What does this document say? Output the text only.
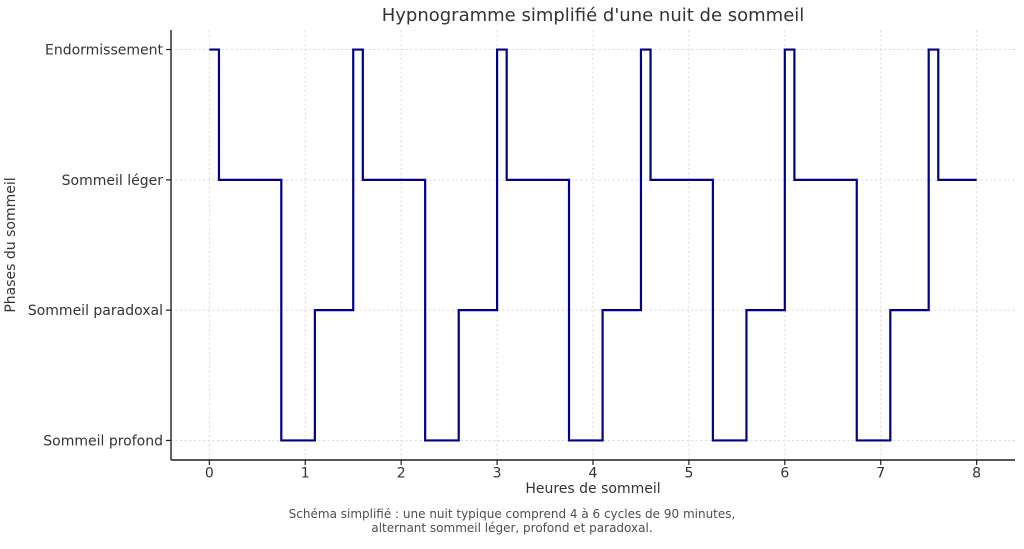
0	1	2	3	4	5	6	7	8
Endormissement
Sommeil léger
Sommeil paradoxal
Sommeil profond
Hypnogramme simplifié d'une nuit de sommeil
Phases du sommeil
Heures de sommeil
Schéma simplifié : une nuit typique comprend 4 à 6 cycles de 90 minutes,
alternant sommeil léger, profond et paradoxal.
